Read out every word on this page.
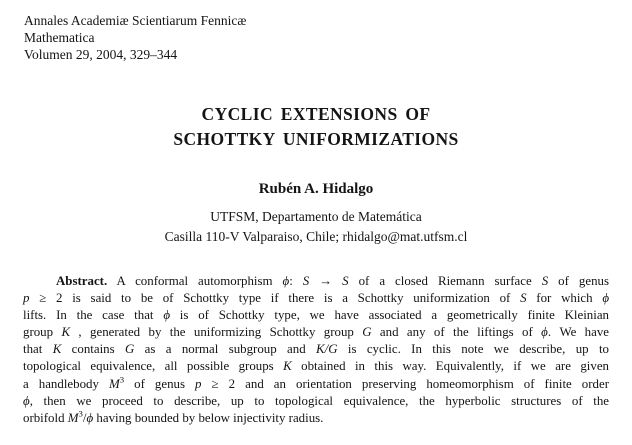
Annales Academiæ Scientiarum Fennicæ
Mathematica
Volumen 29, 2004, 329–344
CYCLIC EXTENSIONS OF
SCHOTTKY UNIFORMIZATIONS
Rubén A. Hidalgo
UTFSM, Departamento de Matemática
Casilla 110-V Valparaiso, Chile; rhidalgo@mat.utfsm.cl
Abstract. A conformal automorphism ϕ: S → S of a closed Riemann surface S of genus
p ≥ 2 is said to be of Schottky type if there is a Schottky uniformization of S for which ϕ
lifts. In the case that ϕ is of Schottky type, we have associated a geometrically finite Kleinian
group K , generated by the uniformizing Schottky group G and any of the liftings of ϕ. We have
that K contains G as a normal subgroup and K/G is cyclic. In this note we describe, up to
topological equivalence, all possible groups K obtained in this way. Equivalently, if we are given
a handlebody $M^3$ of genus p ≥ 2 and an orientation preserving homeomorphism of finite order
ϕ, then we proceed to describe, up to topological equivalence, the hyperbolic structures of the
orbifold $M^3/\phi$ having bounded by below injectivity radius.
